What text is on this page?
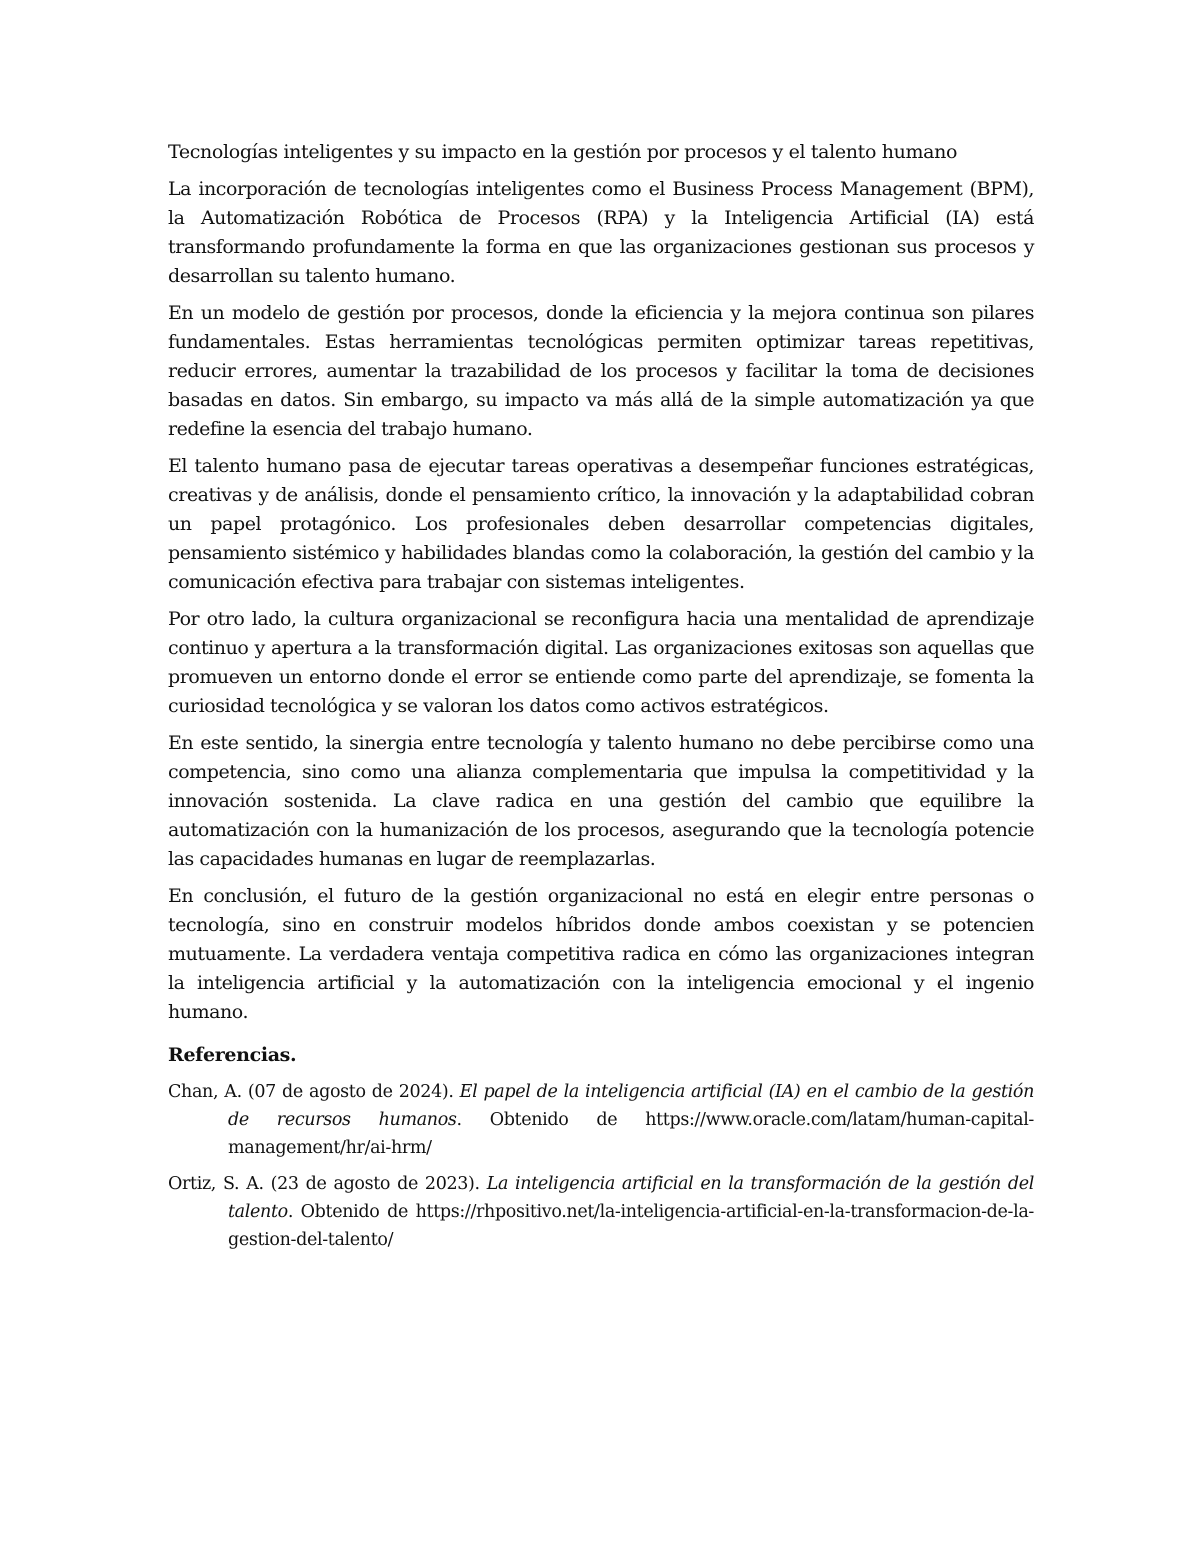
Tecnologías inteligentes y su impacto en la gestión por procesos y el talento humano

La incorporación de tecnologías inteligentes como el Business Process Management (BPM), la Automatización Robótica de Procesos (RPA) y la Inteligencia Artificial (IA) está transformando profundamente la forma en que las organizaciones gestionan sus procesos y desarrollan su talento humano.

En un modelo de gestión por procesos, donde la eficiencia y la mejora continua son pilares fundamentales. Estas herramientas tecnológicas permiten optimizar tareas repetitivas, reducir errores, aumentar la trazabilidad de los procesos y facilitar la toma de decisiones basadas en datos. Sin embargo, su impacto va más allá de la simple automatización ya que redefine la esencia del trabajo humano.

El talento humano pasa de ejecutar tareas operativas a desempeñar funciones estratégicas, creativas y de análisis, donde el pensamiento crítico, la innovación y la adaptabilidad cobran un papel protagónico. Los profesionales deben desarrollar competencias digitales, pensamiento sistémico y habilidades blandas como la colaboración, la gestión del cambio y la comunicación efectiva para trabajar con sistemas inteligentes.

Por otro lado, la cultura organizacional se reconfigura hacia una mentalidad de aprendizaje continuo y apertura a la transformación digital. Las organizaciones exitosas son aquellas que promueven un entorno donde el error se entiende como parte del aprendizaje, se fomenta la curiosidad tecnológica y se valoran los datos como activos estratégicos.

En este sentido, la sinergia entre tecnología y talento humano no debe percibirse como una competencia, sino como una alianza complementaria que impulsa la competitividad y la innovación sostenida. La clave radica en una gestión del cambio que equilibre la automatización con la humanización de los procesos, asegurando que la tecnología potencie las capacidades humanas en lugar de reemplazarlas.

En conclusión, el futuro de la gestión organizacional no está en elegir entre personas o tecnología, sino en construir modelos híbridos donde ambos coexistan y se potencien mutuamente. La verdadera ventaja competitiva radica en cómo las organizaciones integran la inteligencia artificial y la automatización con la inteligencia emocional y el ingenio humano.

Referencias.

Chan, A. (07 de agosto de 2024). El papel de la inteligencia artificial (IA) en el cambio de la gestión de recursos humanos. Obtenido de https://www.oracle.com/latam/human-capital-management/hr/ai-hrm/

Ortiz, S. A. (23 de agosto de 2023). La inteligencia artificial en la transformación de la gestión del talento. Obtenido de https://rhpositivo.net/la-inteligencia-artificial-en-la-transformacion-de-la-gestion-del-talento/
